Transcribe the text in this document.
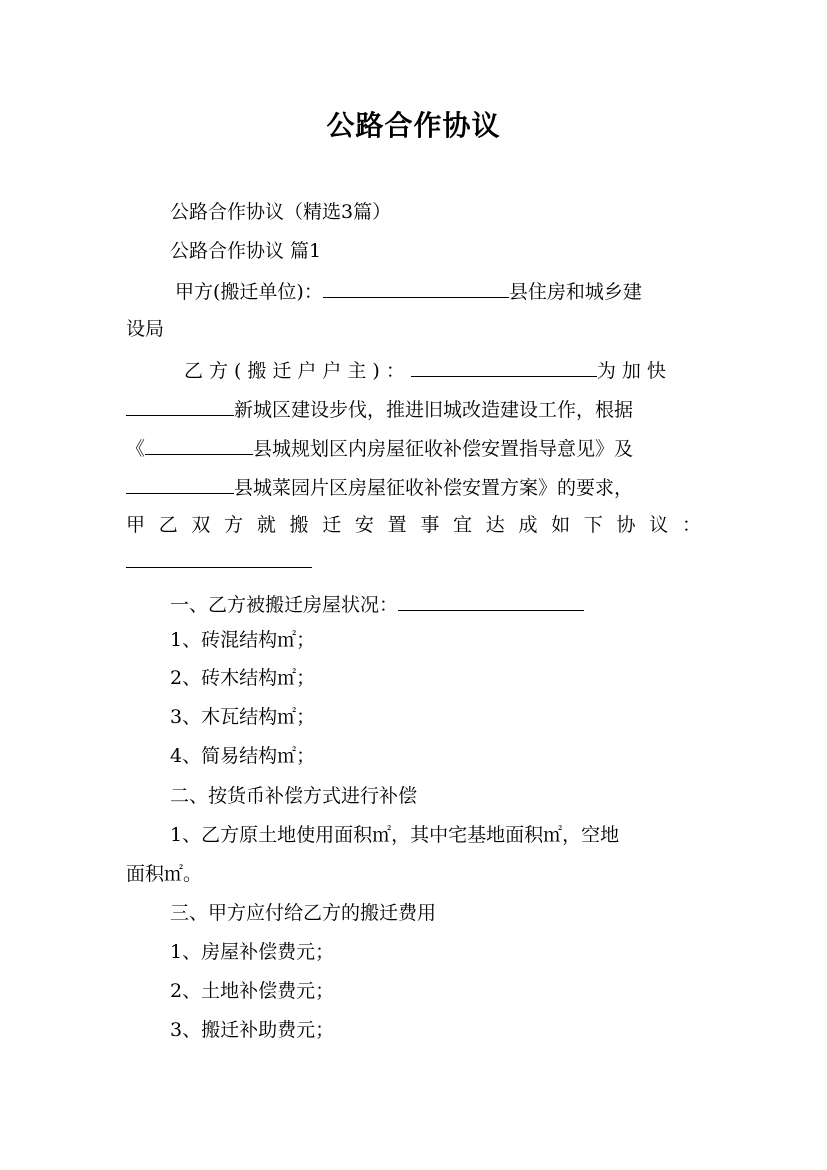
公路合作协议
公路合作协议（精选3篇）
公路合作协议 篇1
甲方(搬迁单位)：	县住房和城乡建
设局
乙方(搬迁户户主)：	为加快
新城区建设步伐，推进旧城改造建设工作，根据
《	县城规划区内房屋征收补偿安置指导意见》及
县城菜园片区房屋征收补偿安置方案》的要求，
甲 乙 双 方 就 搬 迁 安 置 事 宜 达 成 如 下 协 议 ：
一、乙方被搬迁房屋状况：
1、砖混结构㎡；
2、砖木结构㎡；
3、木瓦结构㎡；
4、简易结构㎡；
二、按货币补偿方式进行补偿
1、乙方原土地使用面积㎡，其中宅基地面积㎡，空地
面积㎡。
三、甲方应付给乙方的搬迁费用
1、房屋补偿费元；
2、土地补偿费元；
3、搬迁补助费元；
